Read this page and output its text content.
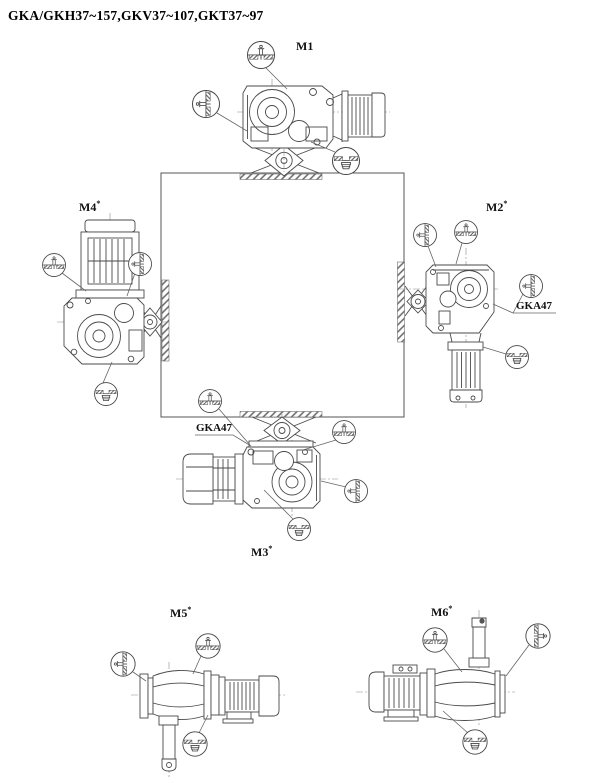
GKA/GKH37~157,GKV37~107,GKT37~97
M1
M2*
M3*
M4*
M5*	M6*
GKA47
GKA47
